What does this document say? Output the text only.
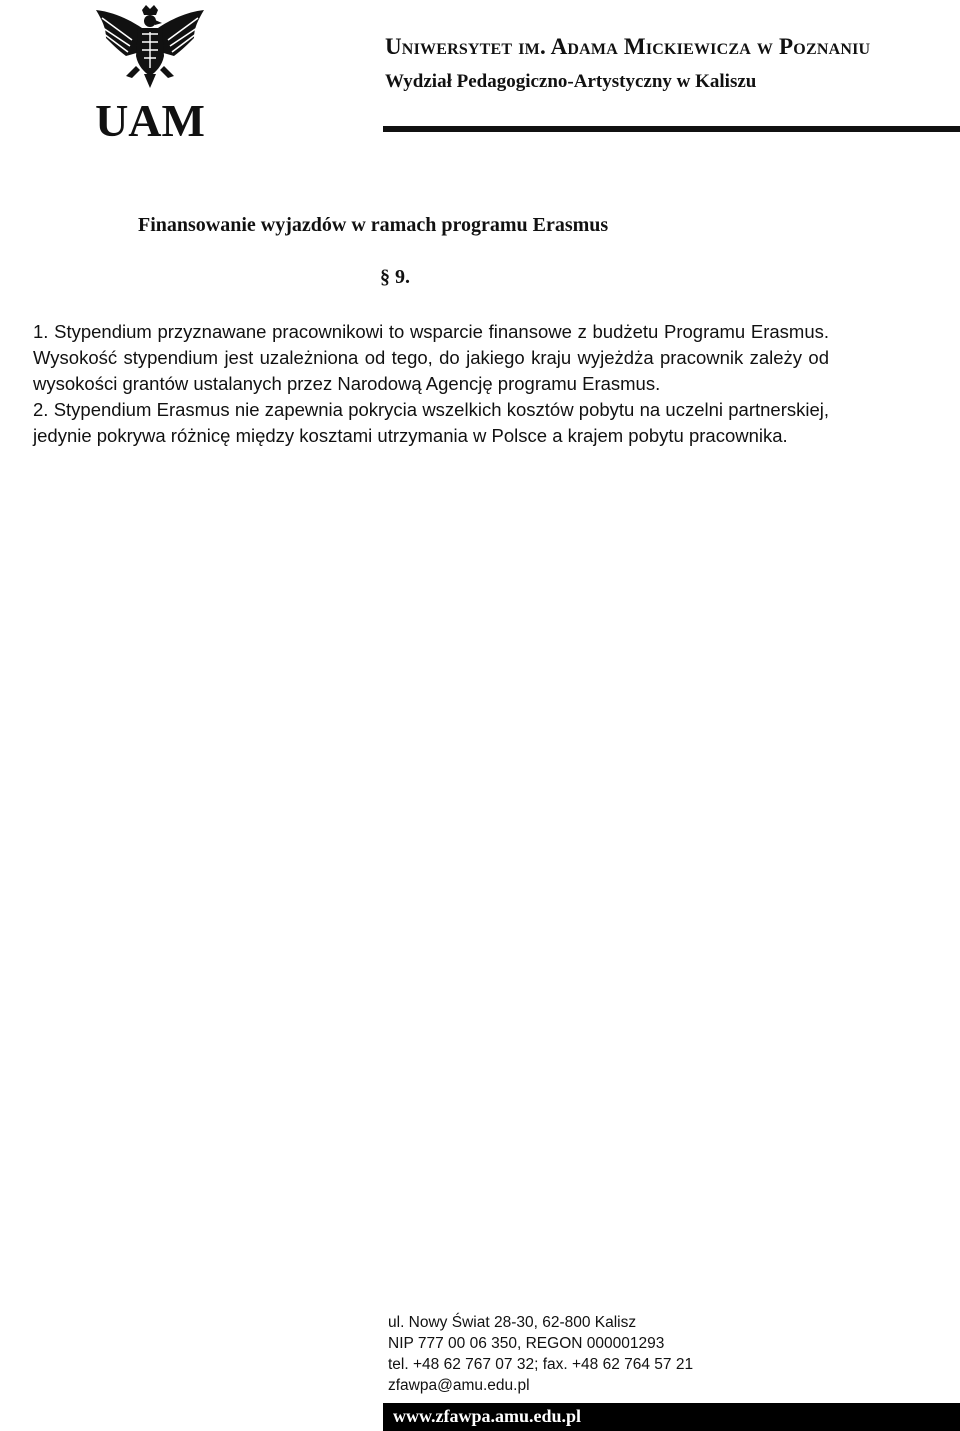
UAM
Uniwersytet im. Adama Mickiewicza w Poznaniu
Wydział Pedagogiczno-Artystyczny w Kaliszu
Finansowanie wyjazdów w ramach programu Erasmus
§ 9.

1. Stypendium przyznawane pracownikowi to wsparcie finansowe z budżetu Programu Erasmus. Wysokość stypendium jest uzależniona od tego, do jakiego kraju wyjeżdża pracownik zależy od wysokości grantów ustalanych przez Narodową Agencję programu Erasmus.

2. Stypendium Erasmus nie zapewnia pokrycia wszelkich kosztów pobytu na uczelni partnerskiej, jedynie pokrywa różnicę między kosztami utrzymania w Polsce a krajem pobytu pracownika.

ul. Nowy Świat 28-30, 62-800 Kalisz
NIP 777 00 06 350, REGON 000001293
tel. +48 62 767 07 32; fax. +48 62 764 57 21
zfawpa@amu.edu.pl
www.zfawpa.amu.edu.pl
